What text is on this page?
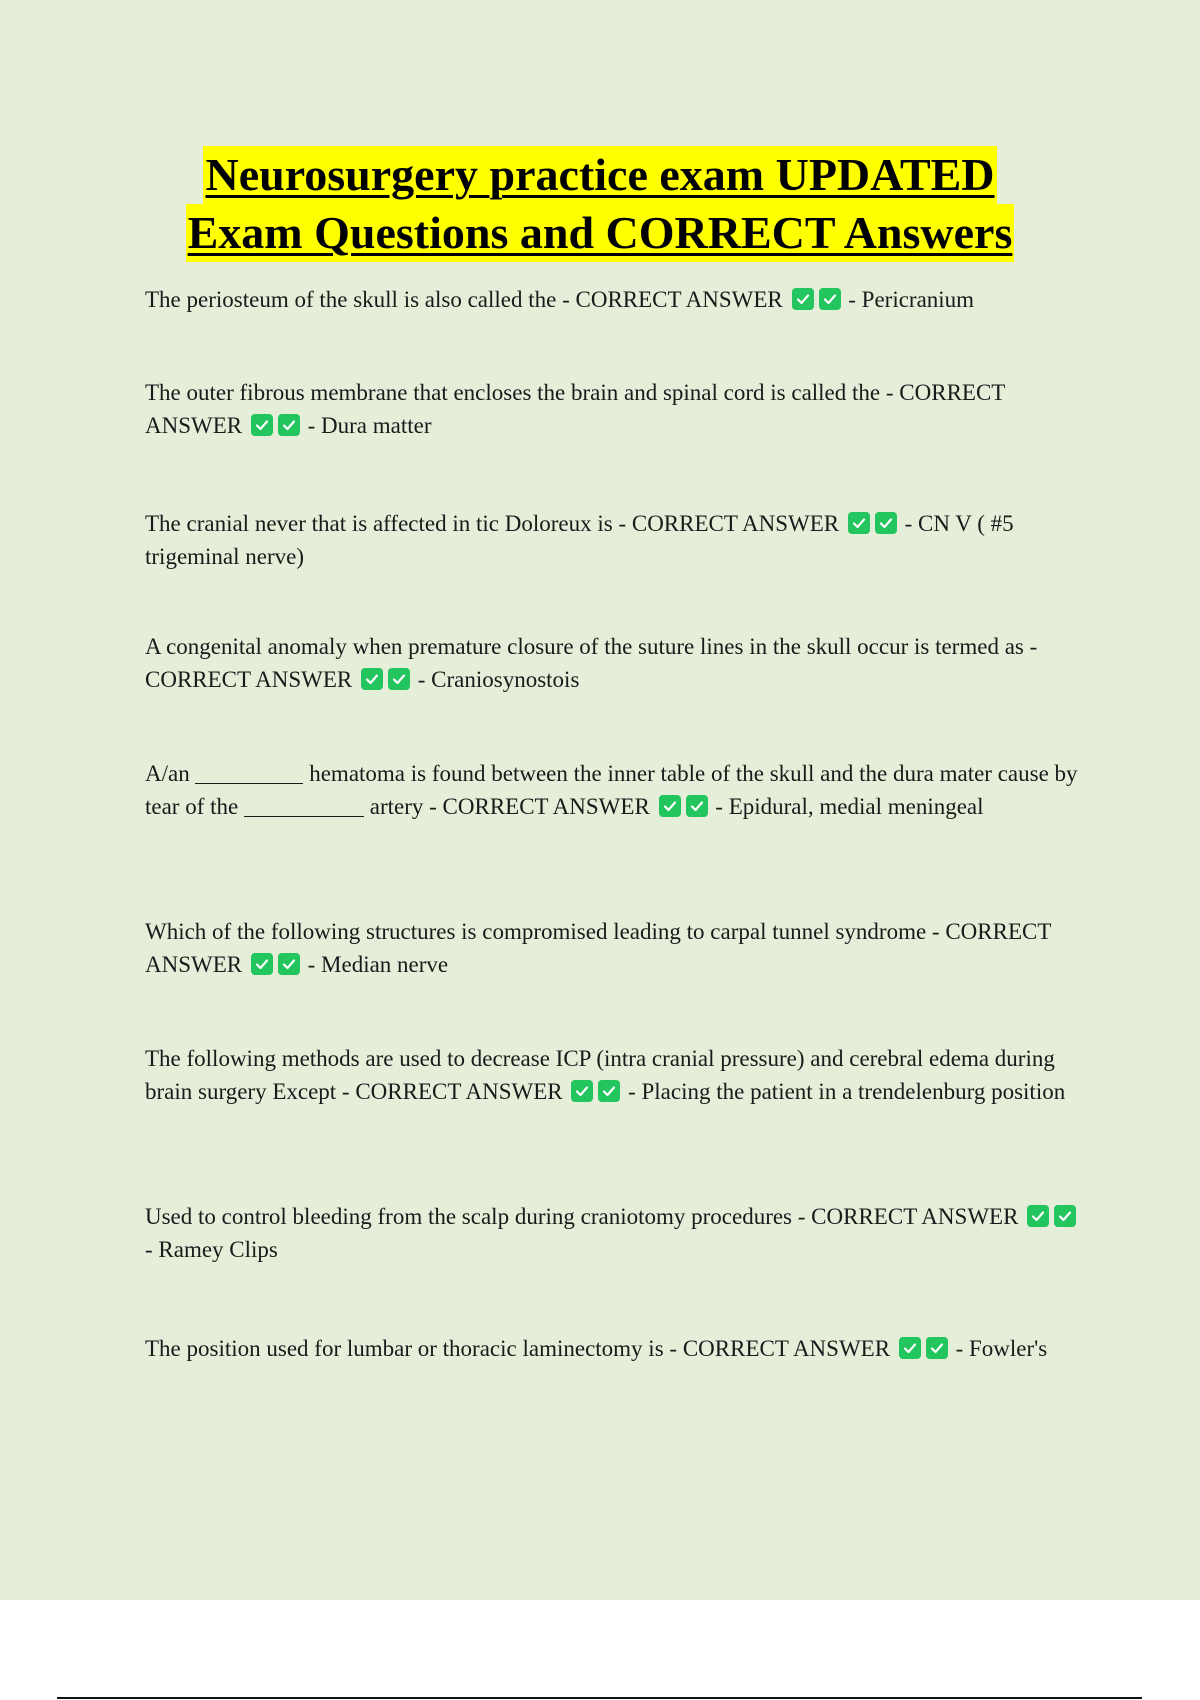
Neurosurgery practice exam UPDATED
Exam Questions and CORRECT Answers
The periosteum of the skull is also called the - CORRECT ANSWER	- Pericranium
The outer fibrous membrane that encloses the brain and spinal cord is called the - CORRECT ANSWER	- Dura matter
The cranial never that is affected in tic Doloreux is - CORRECT ANSWER	- CN V ( #5 trigeminal nerve)
A congenital anomaly when premature closure of the suture lines in the skull occur is termed as - CORRECT ANSWER	- Craniosynostois
A/an	hematoma is found between the inner table of the skull and the dura mater cause by tear of the	artery - CORRECT ANSWER	- Epidural, medial meningeal
Which of the following structures is compromised leading to carpal tunnel syndrome - CORRECT ANSWER	- Median nerve
The following methods are used to decrease ICP (intra cranial pressure) and cerebral edema during brain surgery Except - CORRECT ANSWER	- Placing the patient in a trendelenburg position
Used to control bleeding from the scalp during craniotomy procedures - CORRECT ANSWER
- Ramey Clips
The position used for lumbar or thoracic laminectomy is - CORRECT ANSWER	- Fowler's
